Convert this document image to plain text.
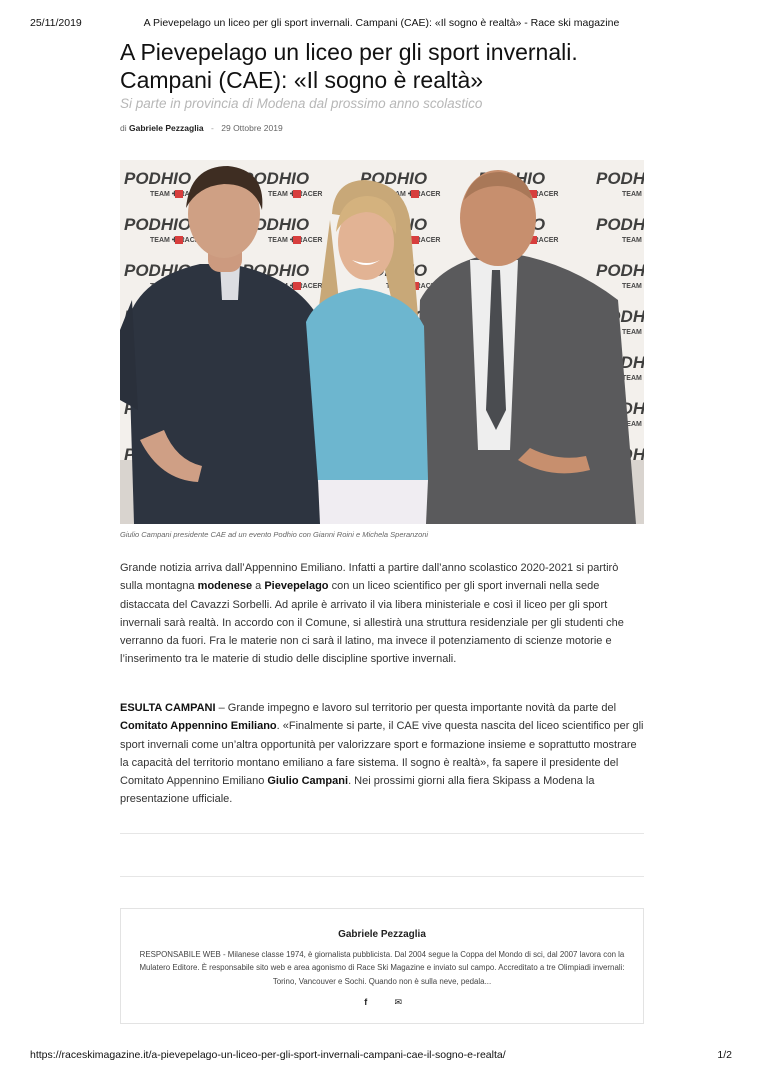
25/11/2019	A Pievepelago un liceo per gli sport invernali. Campani (CAE): «Il sogno è realtà» - Race ski magazine
A Pievepelago un liceo per gli sport invernali. Campani (CAE): «Il sogno è realtà»
Si parte in provincia di Modena dal prossimo anno scolastico
di Gabriele Pezzaglia - 29 Ottobre 2019
Giulio Campani presidente CAE ad un evento Podhio con Gianni Roini e Michela Speranzoni

Grande notizia arriva dall’Appennino Emiliano. Infatti a partire dall’anno scolastico 2020-2021 si partirò sulla montagna modenese a Pievepelago con un liceo scientifico per gli sport invernali nella sede distaccata del Cavazzi Sorbelli. Ad aprile è arrivato il via libera ministeriale e così il liceo per gli sport invernali sarà realtà. In accordo con il Comune, si allestirà una struttura residenziale per gli studenti che verranno da fuori. Fra le materie non ci sarà il latino, ma invece il potenziamento di scienze motorie e l’inserimento tra le materie di studio delle discipline sportive invernali.

ESULTA CAMPANI – Grande impegno e lavoro sul territorio per questa importante novità da parte del Comitato Appennino Emiliano. «Finalmente si parte, il CAE vive questa nascita del liceo scientifico per gli sport invernali come un’altra opportunità per valorizzare sport e formazione insieme e soprattutto mostrare la capacità del territorio montano emiliano a fare sistema. Il sogno è realtà», fa sapere il presidente del Comitato Appennino Emiliano Giulio Campani. Nei prossimi giorni alla fiera Skipass a Modena la presentazione ufficiale.

Gabriele Pezzaglia
RESPONSABILE WEB - Milanese classe 1974, è giornalista pubblicista. Dal 2004 segue la Coppa del Mondo di sci, dal 2007 lavora con la Mulatero Editore. È responsabile sito web e area agonismo di Race Ski Magazine e inviato sul campo. Accreditato a tre Olimpiadi invernali: Torino, Vancouver e Sochi. Quando non è sulla neve, pedala...
f	✉
https://raceskimagazine.it/a-pievepelago-un-liceo-per-gli-sport-invernali-campani-cae-il-sogno-e-realta/	1/2
